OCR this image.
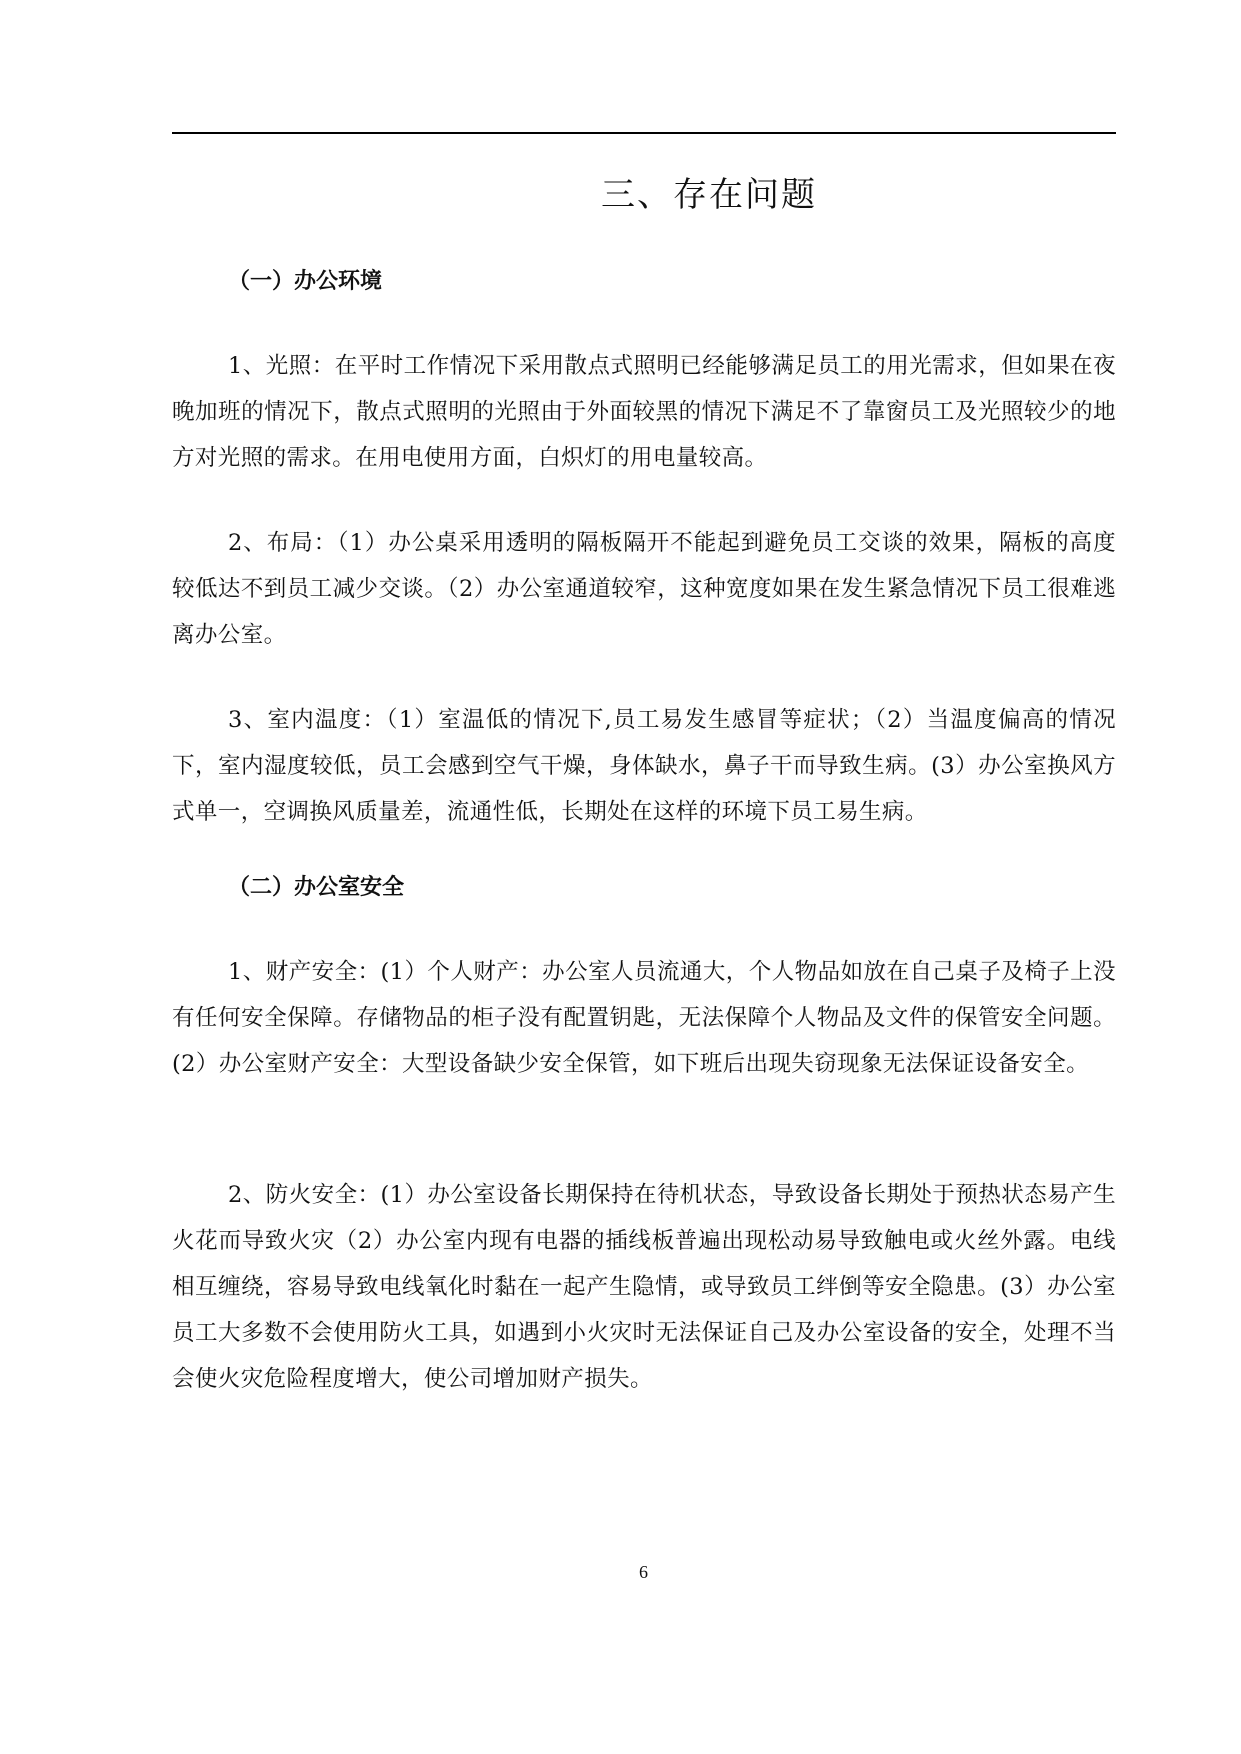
三、存在问题
（一）办公环境
1、光照：在平时工作情况下采用散点式照明已经能够满足员工的用光需求，但如果在夜晚加班的情况下，散点式照明的光照由于外面较黑的情况下满足不了靠窗员工及光照较少的地方对光照的需求。在用电使用方面，白炽灯的用电量较高。
2、布局：（1）办公桌采用透明的隔板隔开不能起到避免员工交谈的效果，隔板的高度较低达不到员工减少交谈。（2）办公室通道较窄，这种宽度如果在发生紧急情况下员工很难逃离办公室。
3、室内温度：（1）室温低的情况下,员工易发生感冒等症状；（2）当温度偏高的情况下，室内湿度较低，员工会感到空气干燥，身体缺水，鼻子干而导致生病。(3）办公室换风方式单一，空调换风质量差，流通性低，长期处在这样的环境下员工易生病。
（二）办公室安全
1、财产安全：(1）个人财产：办公室人员流通大，个人物品如放在自己桌子及椅子上没有任何安全保障。存储物品的柜子没有配置钥匙，无法保障个人物品及文件的保管安全问题。(2）办公室财产安全：大型设备缺少安全保管，如下班后出现失窃现象无法保证设备安全。
2、防火安全：(1）办公室设备长期保持在待机状态，导致设备长期处于预热状态易产生火花而导致火灾（2）办公室内现有电器的插线板普遍出现松动易导致触电或火丝外露。电线相互缠绕，容易导致电线氧化时黏在一起产生隐情，或导致员工绊倒等安全隐患。(3）办公室员工大多数不会使用防火工具，如遇到小火灾时无法保证自己及办公室设备的安全，处理不当会使火灾危险程度增大，使公司增加财产损失。
6
